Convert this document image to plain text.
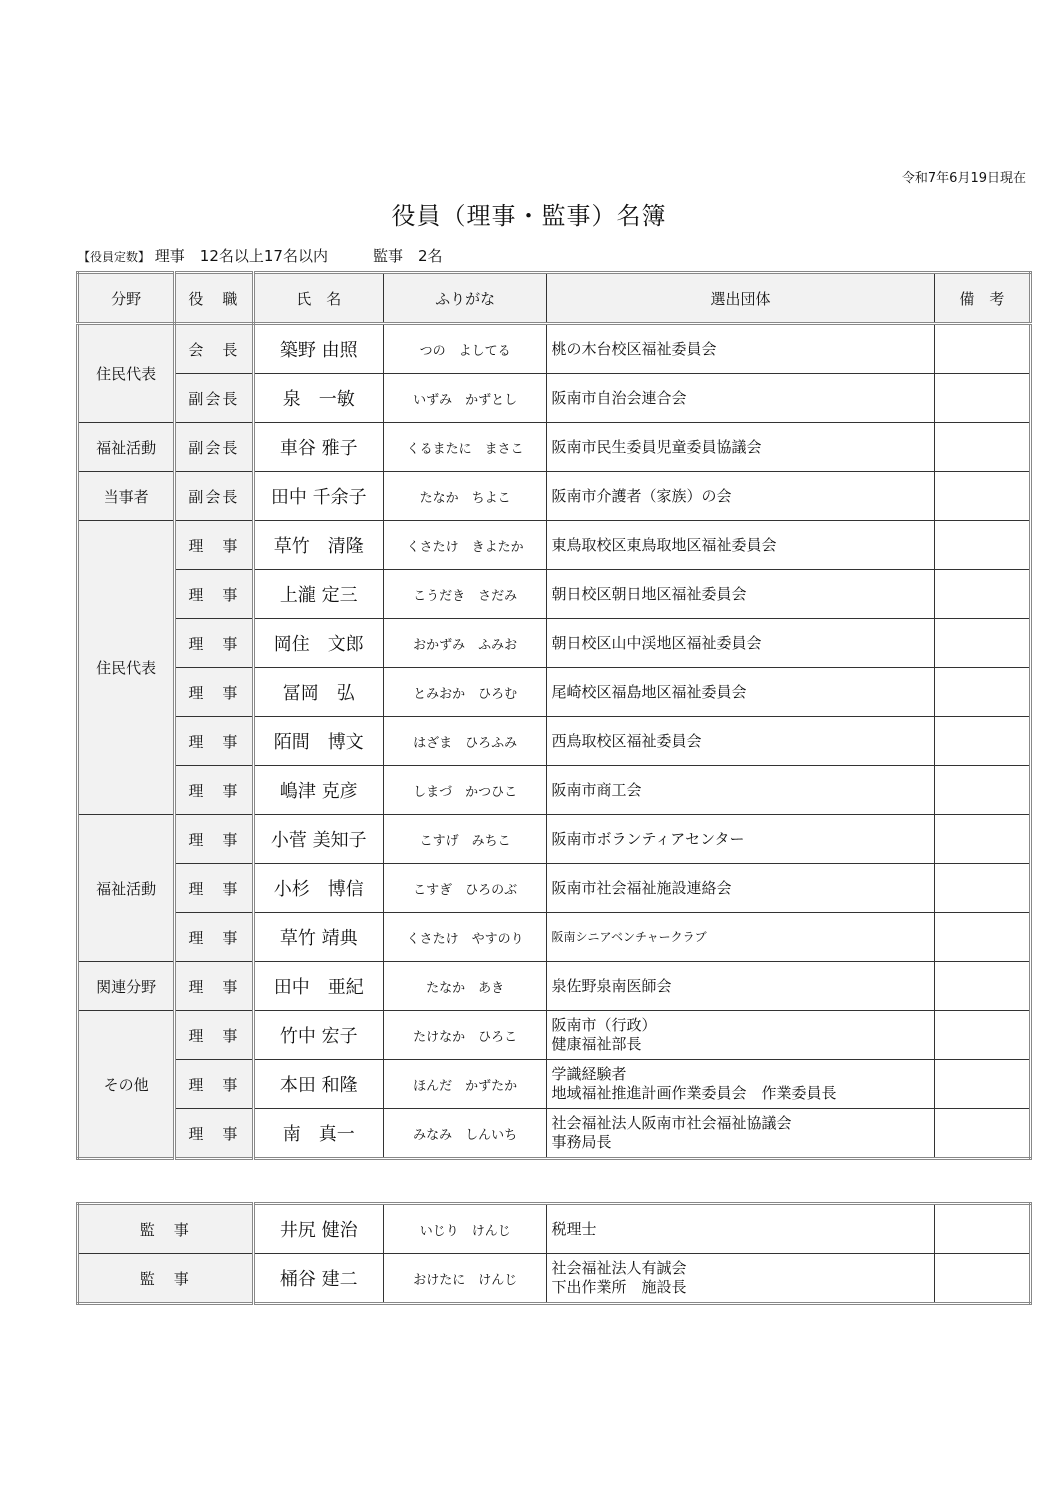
令和7年6月19日現在
役員（理事・監事）名簿
【役員定数】 理事　12名以上17名以内　　　監事　2名
分野	役　職	氏　名	ふりがな	選出団体	備　考
住民代表	会　長	築野 由照	つの　よしてる	桃の木台校区福祉委員会	

	副会長	泉　一敏	いずみ　かずとし	阪南市自治会連合会	

福祉活動	副会長	車谷 雅子	くるまたに　まさこ	阪南市民生委員児童委員協議会	

当事者	副会長	田中 千余子	たなか　ちよこ	阪南市介護者（家族）の会	

住民代表	理　事	草竹　清隆	くさたけ　きよたか	東鳥取校区東鳥取地区福祉委員会	

	理　事	上瀧 定三	こうだき　さだみ	朝日校区朝日地区福祉委員会	

	理　事	岡住　文郎	おかずみ　ふみお	朝日校区山中渓地区福祉委員会	

	理　事	冨岡　弘	とみおか　ひろむ	尾崎校区福島地区福祉委員会	

	理　事	陌間　博文	はざま　ひろふみ	西鳥取校区福祉委員会	

	理　事	嶋津 克彦	しまづ　かつひこ	阪南市商工会	

福祉活動	理　事	小菅 美知子	こすげ　みちこ	阪南市ボランティアセンター	

	理　事	小杉　博信	こすぎ　ひろのぶ	阪南市社会福祉施設連絡会	

	理　事	草竹 靖典	くさたけ　やすのり	阪南シニアベンチャークラブ	

関連分野	理　事	田中　亜紀	たなか　あき	泉佐野泉南医師会	

その他	理　事	竹中 宏子	たけなか　ひろこ	阪南市（行政）
健康福祉部長	

	理　事	本田 和隆	ほんだ　かずたか	学識経験者
地域福祉推進計画作業委員会　作業委員長	

	理　事	南　真一	みなみ　しんいち	社会福祉法人阪南市社会福祉協議会
事務局長	

監　事	井尻 健治	いじり　けんじ	税理士	

監　事	桶谷 建二	おけたに　けんじ	社会福祉法人有誠会
下出作業所　施設長	
